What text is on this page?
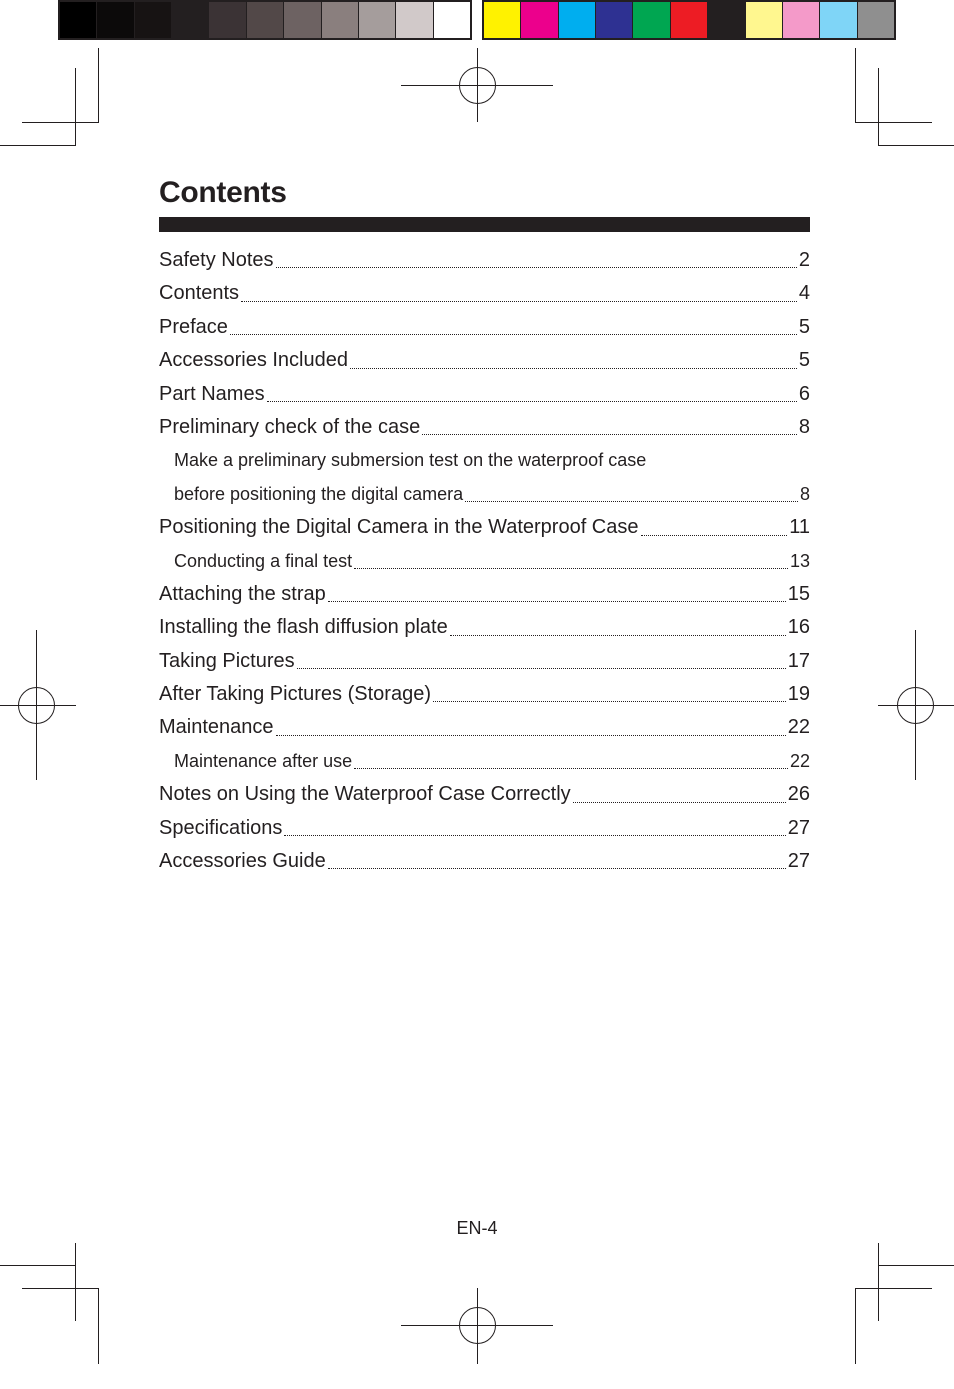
Contents
Safety Notes	2
Contents	4
Preface	5
Accessories Included	5
Part Names	6
Preliminary check of the case	8
Make a preliminary submersion test on the waterproof case
before positioning the digital camera	8
Positioning the Digital Camera in the Waterproof Case	11
Conducting a final test	13
Attaching the strap	15
Installing the flash diffusion plate	16
Taking Pictures	17
After Taking Pictures (Storage)	19
Maintenance	22
Maintenance after use	22
Notes on Using the Waterproof Case Correctly	26
Specifications	27
Accessories Guide	27
EN-4
